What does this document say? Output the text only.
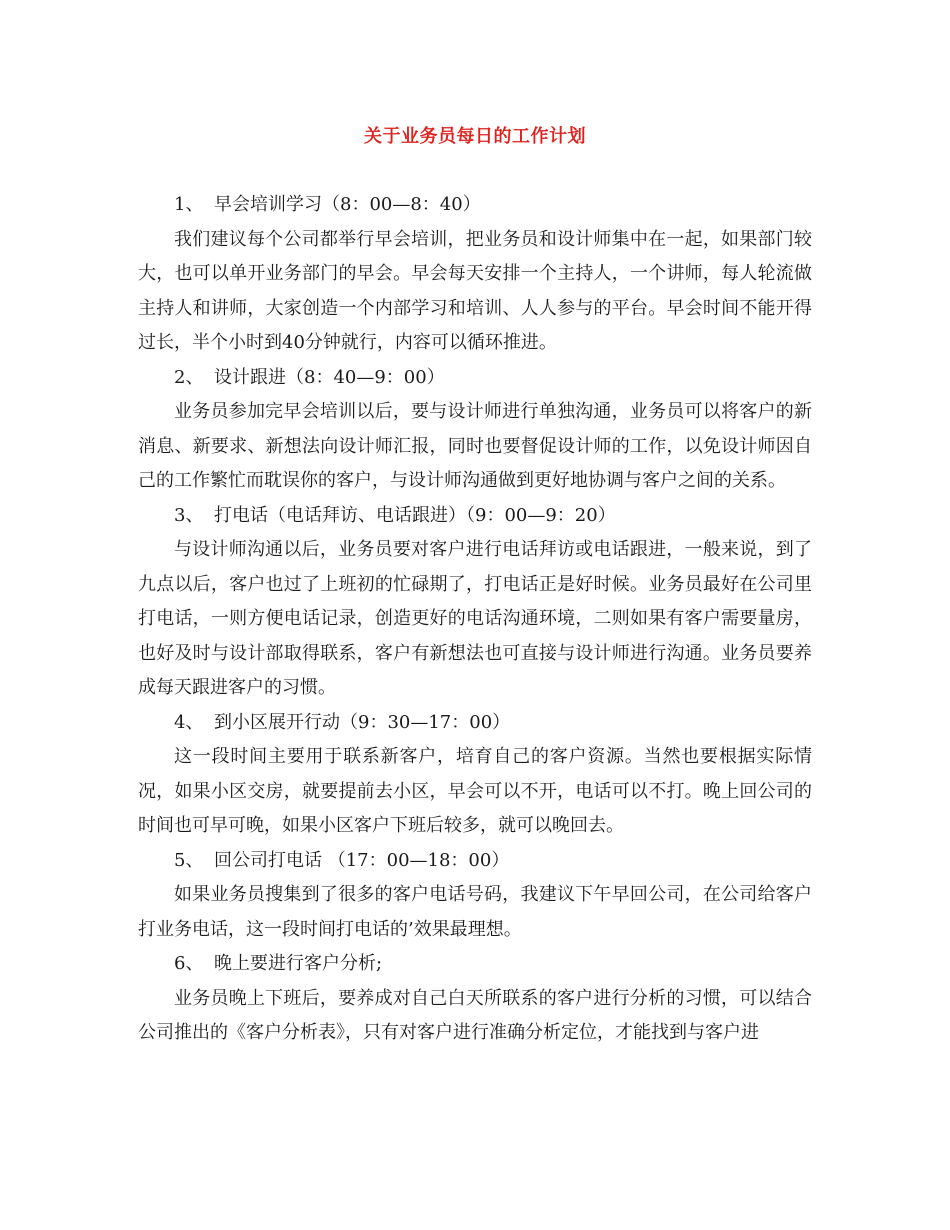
关于业务员每日的工作计划

1、 早会培训学习（8：00—8：40）

我们建议每个公司都举行早会培训，把业务员和设计师集中在一起，如果部门较大，也可以单开业务部门的早会。早会每天安排一个主持人，一个讲师，每人轮流做主持人和讲师，大家创造一个内部学习和培训、人人参与的平台。早会时间不能开得过长，半个小时到40分钟就行，内容可以循环推进。

2、 设计跟进（8：40—9：00）

业务员参加完早会培训以后，要与设计师进行单独沟通，业务员可以将客户的新消息、新要求、新想法向设计师汇报，同时也要督促设计师的工作，以免设计师因自己的工作繁忙而耽误你的客户，与设计师沟通做到更好地协调与客户之间的关系。

3、 打电话（电话拜访、电话跟进）（9：00—9：20）

与设计师沟通以后，业务员要对客户进行电话拜访或电话跟进，一般来说，到了九点以后，客户也过了上班初的忙碌期了，打电话正是好时候。业务员最好在公司里打电话，一则方便电话记录，创造更好的电话沟通环境，二则如果有客户需要量房，也好及时与设计部取得联系，客户有新想法也可直接与设计师进行沟通。业务员要养成每天跟进客户的习惯。

4、 到小区展开行动（9：30—17：00）

这一段时间主要用于联系新客户，培育自己的客户资源。当然也要根据实际情况，如果小区交房，就要提前去小区，早会可以不开，电话可以不打。晚上回公司的时间也可早可晚，如果小区客户下班后较多，就可以晚回去。

5、 回公司打电话 （17：00—18：00）

如果业务员搜集到了很多的客户电话号码，我建议下午早回公司，在公司给客户打业务电话，这一段时间打电话的’效果最理想。

6、 晚上要进行客户分析;

业务员晚上下班后，要养成对自己白天所联系的客户进行分析的习惯，可以结合公司推出的《客户分析表》，只有对客户进行准确分析定位，才能找到与客户进
